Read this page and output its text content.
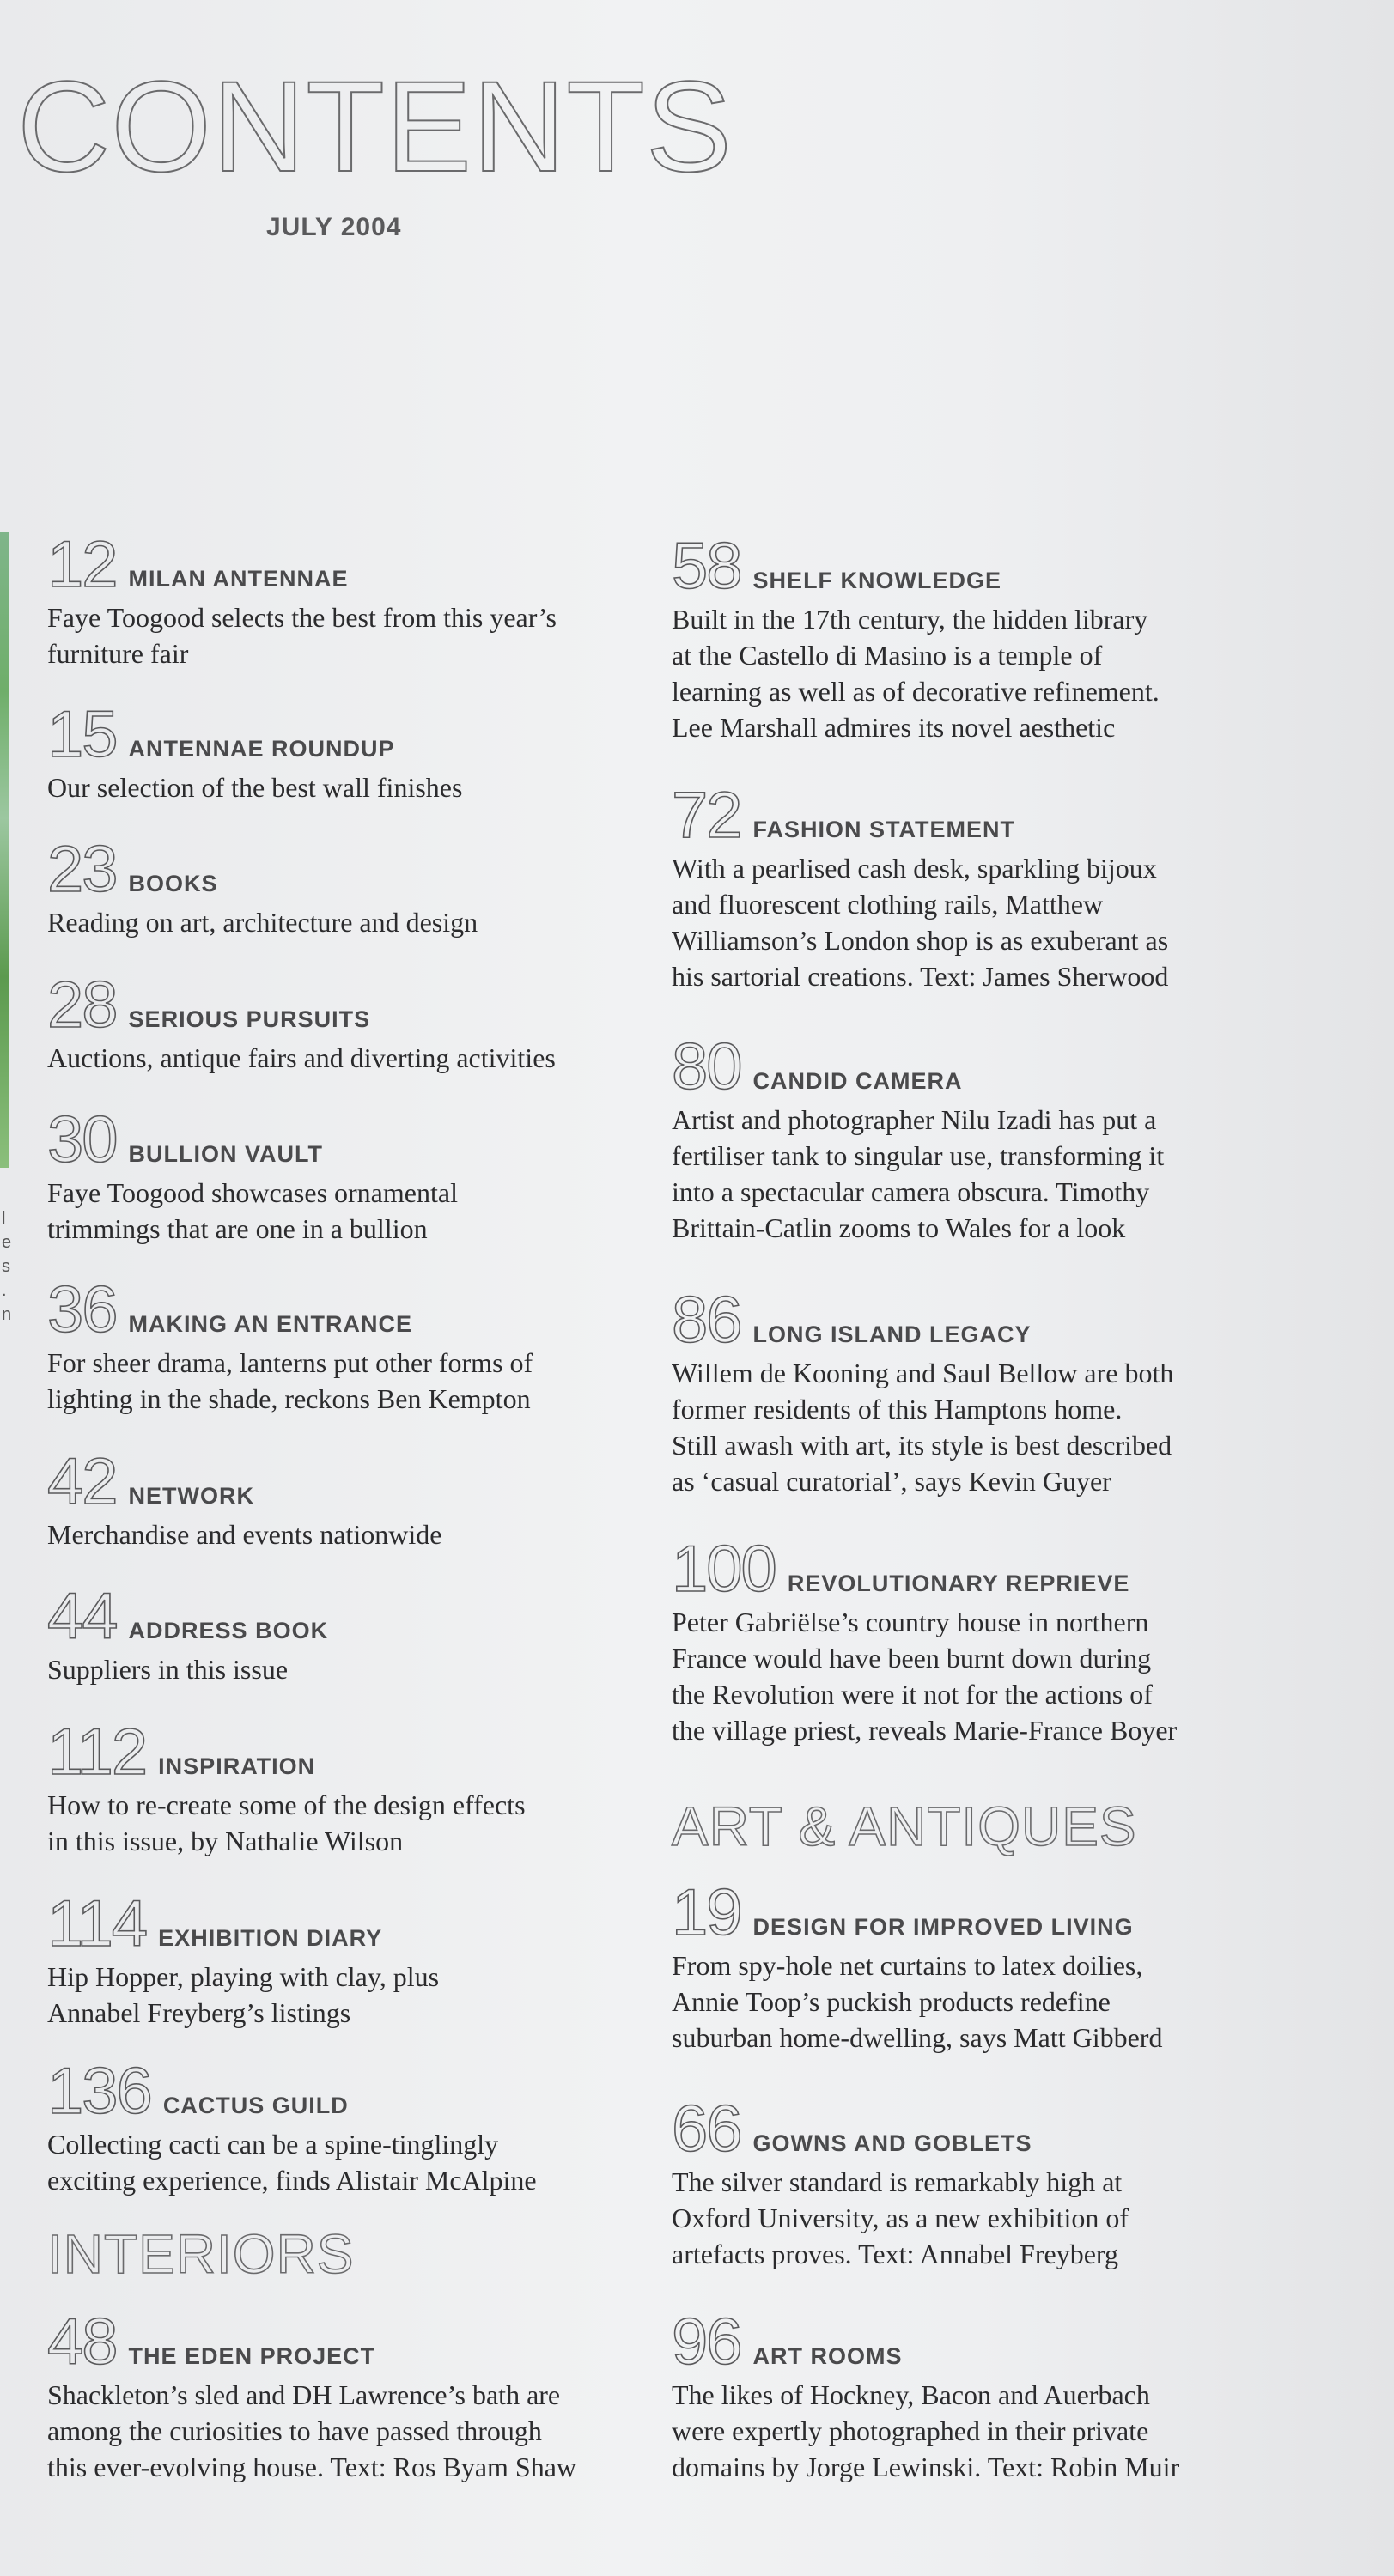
l
e
s
.
n
CONTENTS
JULY 2004
12 MILAN ANTENNAE
Faye Toogood selects the best from this year’s
furniture fair
15 ANTENNAE ROUNDUP
Our selection of the best wall finishes
23 BOOKS
Reading on art, architecture and design
28 SERIOUS PURSUITS
Auctions, antique fairs and diverting activities
30 BULLION VAULT
Faye Toogood showcases ornamental
trimmings that are one in a bullion
36 MAKING AN ENTRANCE
For sheer drama, lanterns put other forms of
lighting in the shade, reckons Ben Kempton
42 NETWORK
Merchandise and events nationwide
44 ADDRESS BOOK
Suppliers in this issue
112 INSPIRATION
How to re-create some of the design effects
in this issue, by Nathalie Wilson
114 EXHIBITION DIARY
Hip Hopper, playing with clay, plus
Annabel Freyberg’s listings
136 CACTUS GUILD
Collecting cacti can be a spine-tinglingly
exciting experience, finds Alistair McAlpine
INTERIORS
48 THE EDEN PROJECT
Shackleton’s sled and DH Lawrence’s bath are
among the curiosities to have passed through
this ever-evolving house. Text: Ros Byam Shaw
58 SHELF KNOWLEDGE
Built in the 17th century, the hidden library
at the Castello di Masino is a temple of
learning as well as of decorative refinement.
Lee Marshall admires its novel aesthetic
72 FASHION STATEMENT
With a pearlised cash desk, sparkling bijoux
and fluorescent clothing rails, Matthew
Williamson’s London shop is as exuberant as
his sartorial creations. Text: James Sherwood
80 CANDID CAMERA
Artist and photographer Nilu Izadi has put a
fertiliser tank to singular use, transforming it
into a spectacular camera obscura. Timothy
Brittain-Catlin zooms to Wales for a look
86 LONG ISLAND LEGACY
Willem de Kooning and Saul Bellow are both
former residents of this Hamptons home.
Still awash with art, its style is best described
as ‘casual curatorial’, says Kevin Guyer
100 REVOLUTIONARY REPRIEVE
Peter Gabriëlse’s country house in northern
France would have been burnt down during
the Revolution were it not for the actions of
the village priest, reveals Marie-France Boyer
ART & ANTIQUES
19 DESIGN FOR IMPROVED LIVING
From spy-hole net curtains to latex doilies,
Annie Toop’s puckish products redefine
suburban home-dwelling, says Matt Gibberd
66 GOWNS AND GOBLETS
The silver standard is remarkably high at
Oxford University, as a new exhibition of
artefacts proves. Text: Annabel Freyberg
96 ART ROOMS
The likes of Hockney, Bacon and Auerbach
were expertly photographed in their private
domains by Jorge Lewinski. Text: Robin Muir
